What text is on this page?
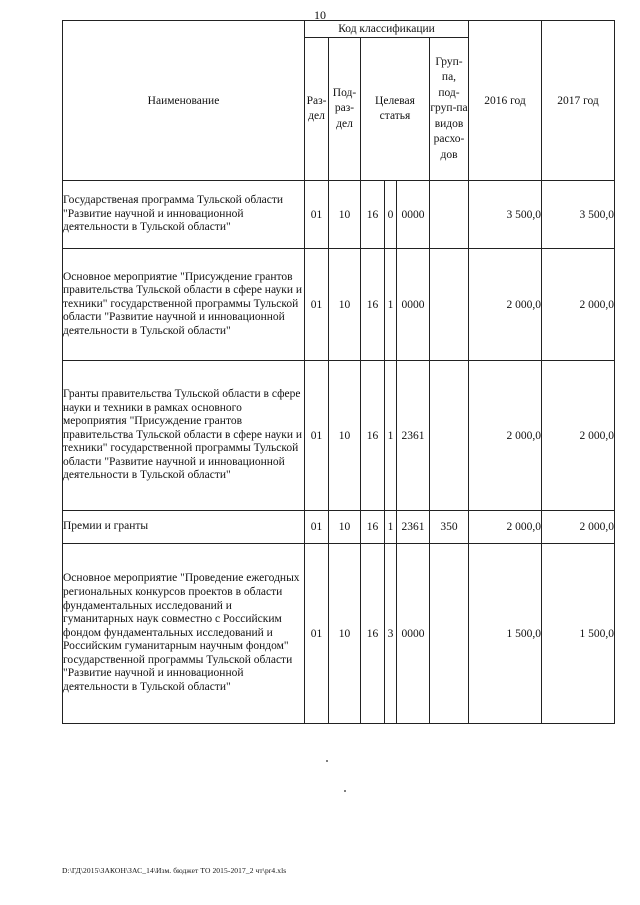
10
Наименование	Код классификации						2016 год	2017 год
	Раз-дел	Под-раз-дел	Целевая статья			Груп-па, под-груп-па видов расхо-дов		
Государственая программа Тульской области "Развитие научной и инновационной деятельности в Тульской области"	01	10	16	0	0000		3 500,0	3 500,0
Основное мероприятие "Присуждение грантов правительства Тульской области в сфере науки и техники" государственной программы Тульской области "Развитие научной и инновационной деятельности в Тульской области"	01	10	16	1	0000		2 000,0	2 000,0
Гранты правительства Тульской области в сфере науки и техники в рамках основного мероприятия "Присуждение грантов правительства Тульской области в сфере науки и техники" государственной программы Тульской области "Развитие научной и инновационной деятельности в Тульской области"	01	10	16	1	2361		2 000,0	2 000,0
Премии и гранты	01	10	16	1	2361	350	2 000,0	2 000,0
Основное мероприятие "Проведение ежегодных региональных конкурсов проектов в области фундаментальных исследований и гуманитарных наук совместно с Российским фондом фундаментальных исследований и Российским гуманитарным научным фондом" государственной программы Тульской области "Развитие научной и инновационной деятельности в Тульской области"	01	10	16	3	0000		1 500,0	1 500,0
D:\ГД\2015\ЗАКОН\ЗАС_14\Изм. бюджет ТО 2015-2017_2 чт\pr4.xls
